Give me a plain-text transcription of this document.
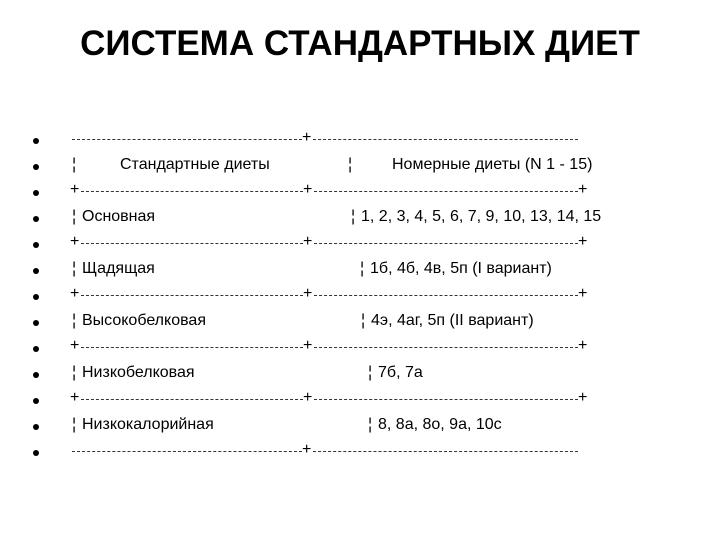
СИСТЕМА СТАНДАРТНЫХ ДИЕТ
+
¦	Стандартные диеты	¦ Номерные диеты (N 1 - 15)
+	+	+
¦ Основная	¦ 1, 2, 3, 4, 5, 6, 7, 9, 10, 13, 14, 15
+	+	+
¦ Щадящая	¦ 1б, 4б, 4в, 5п (I вариант)
+	+	+
¦ Высокобелковая	¦ 4э, 4аг, 5п (II вариант)
+	+	+
¦ Низкобелковая	¦ 7б, 7а
+	+	+
¦ Низкокалорийная	¦ 8, 8а, 8о, 9а, 10с
+
